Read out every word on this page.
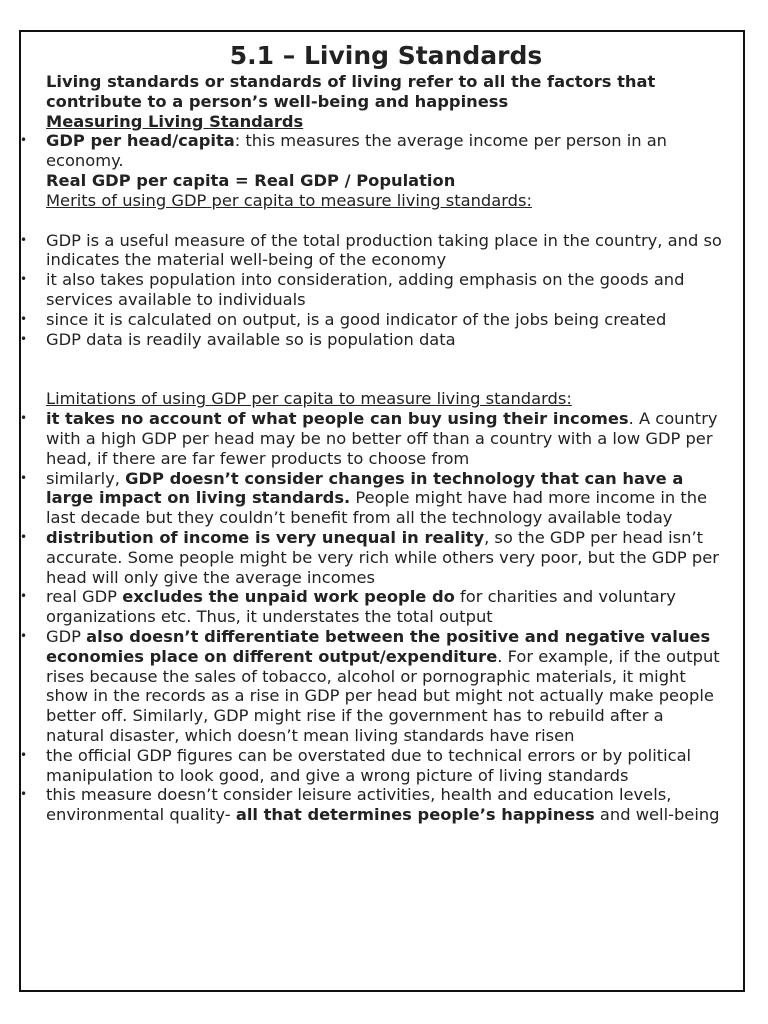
5.1 – Living Standards

Living standards or standards of living refer to all the factors that contribute to a person’s well-being and happiness

Measuring Living Standards

• GDP per head/capita: this measures the average income per person in an economy.

Real GDP per capita = Real GDP / Population

Merits of using GDP per capita to measure living standards:

• GDP is a useful measure of the total production taking place in the country, and so indicates the material well-being of the economy
• it also takes population into consideration, adding emphasis on the goods and services available to individuals
• since it is calculated on output, is a good indicator of the jobs being created
• GDP data is readily available so is population data

Limitations of using GDP per capita to measure living standards:

• it takes no account of what people can buy using their incomes. A country with a high GDP per head may be no better off than a country with a low GDP per head, if there are far fewer products to choose from
• similarly, GDP doesn’t consider changes in technology that can have a large impact on living standards. People might have had more income in the last decade but they couldn’t benefit from all the technology available today
• distribution of income is very unequal in reality, so the GDP per head isn’t accurate. Some people might be very rich while others very poor, but the GDP per head will only give the average incomes
• real GDP excludes the unpaid work people do for charities and voluntary organizations etc. Thus, it understates the total output
• GDP also doesn’t differentiate between the positive and negative values economies place on different output/expenditure. For example, if the output rises because the sales of tobacco, alcohol or pornographic materials, it might show in the records as a rise in GDP per head but might not actually make people better off. Similarly, GDP might rise if the government has to rebuild after a natural disaster, which doesn’t mean living standards have risen
• the official GDP figures can be overstated due to technical errors or by political manipulation to look good, and give a wrong picture of living standards
• this measure doesn’t consider leisure activities, health and education levels, environmental quality- all that determines people’s happiness and well-being
